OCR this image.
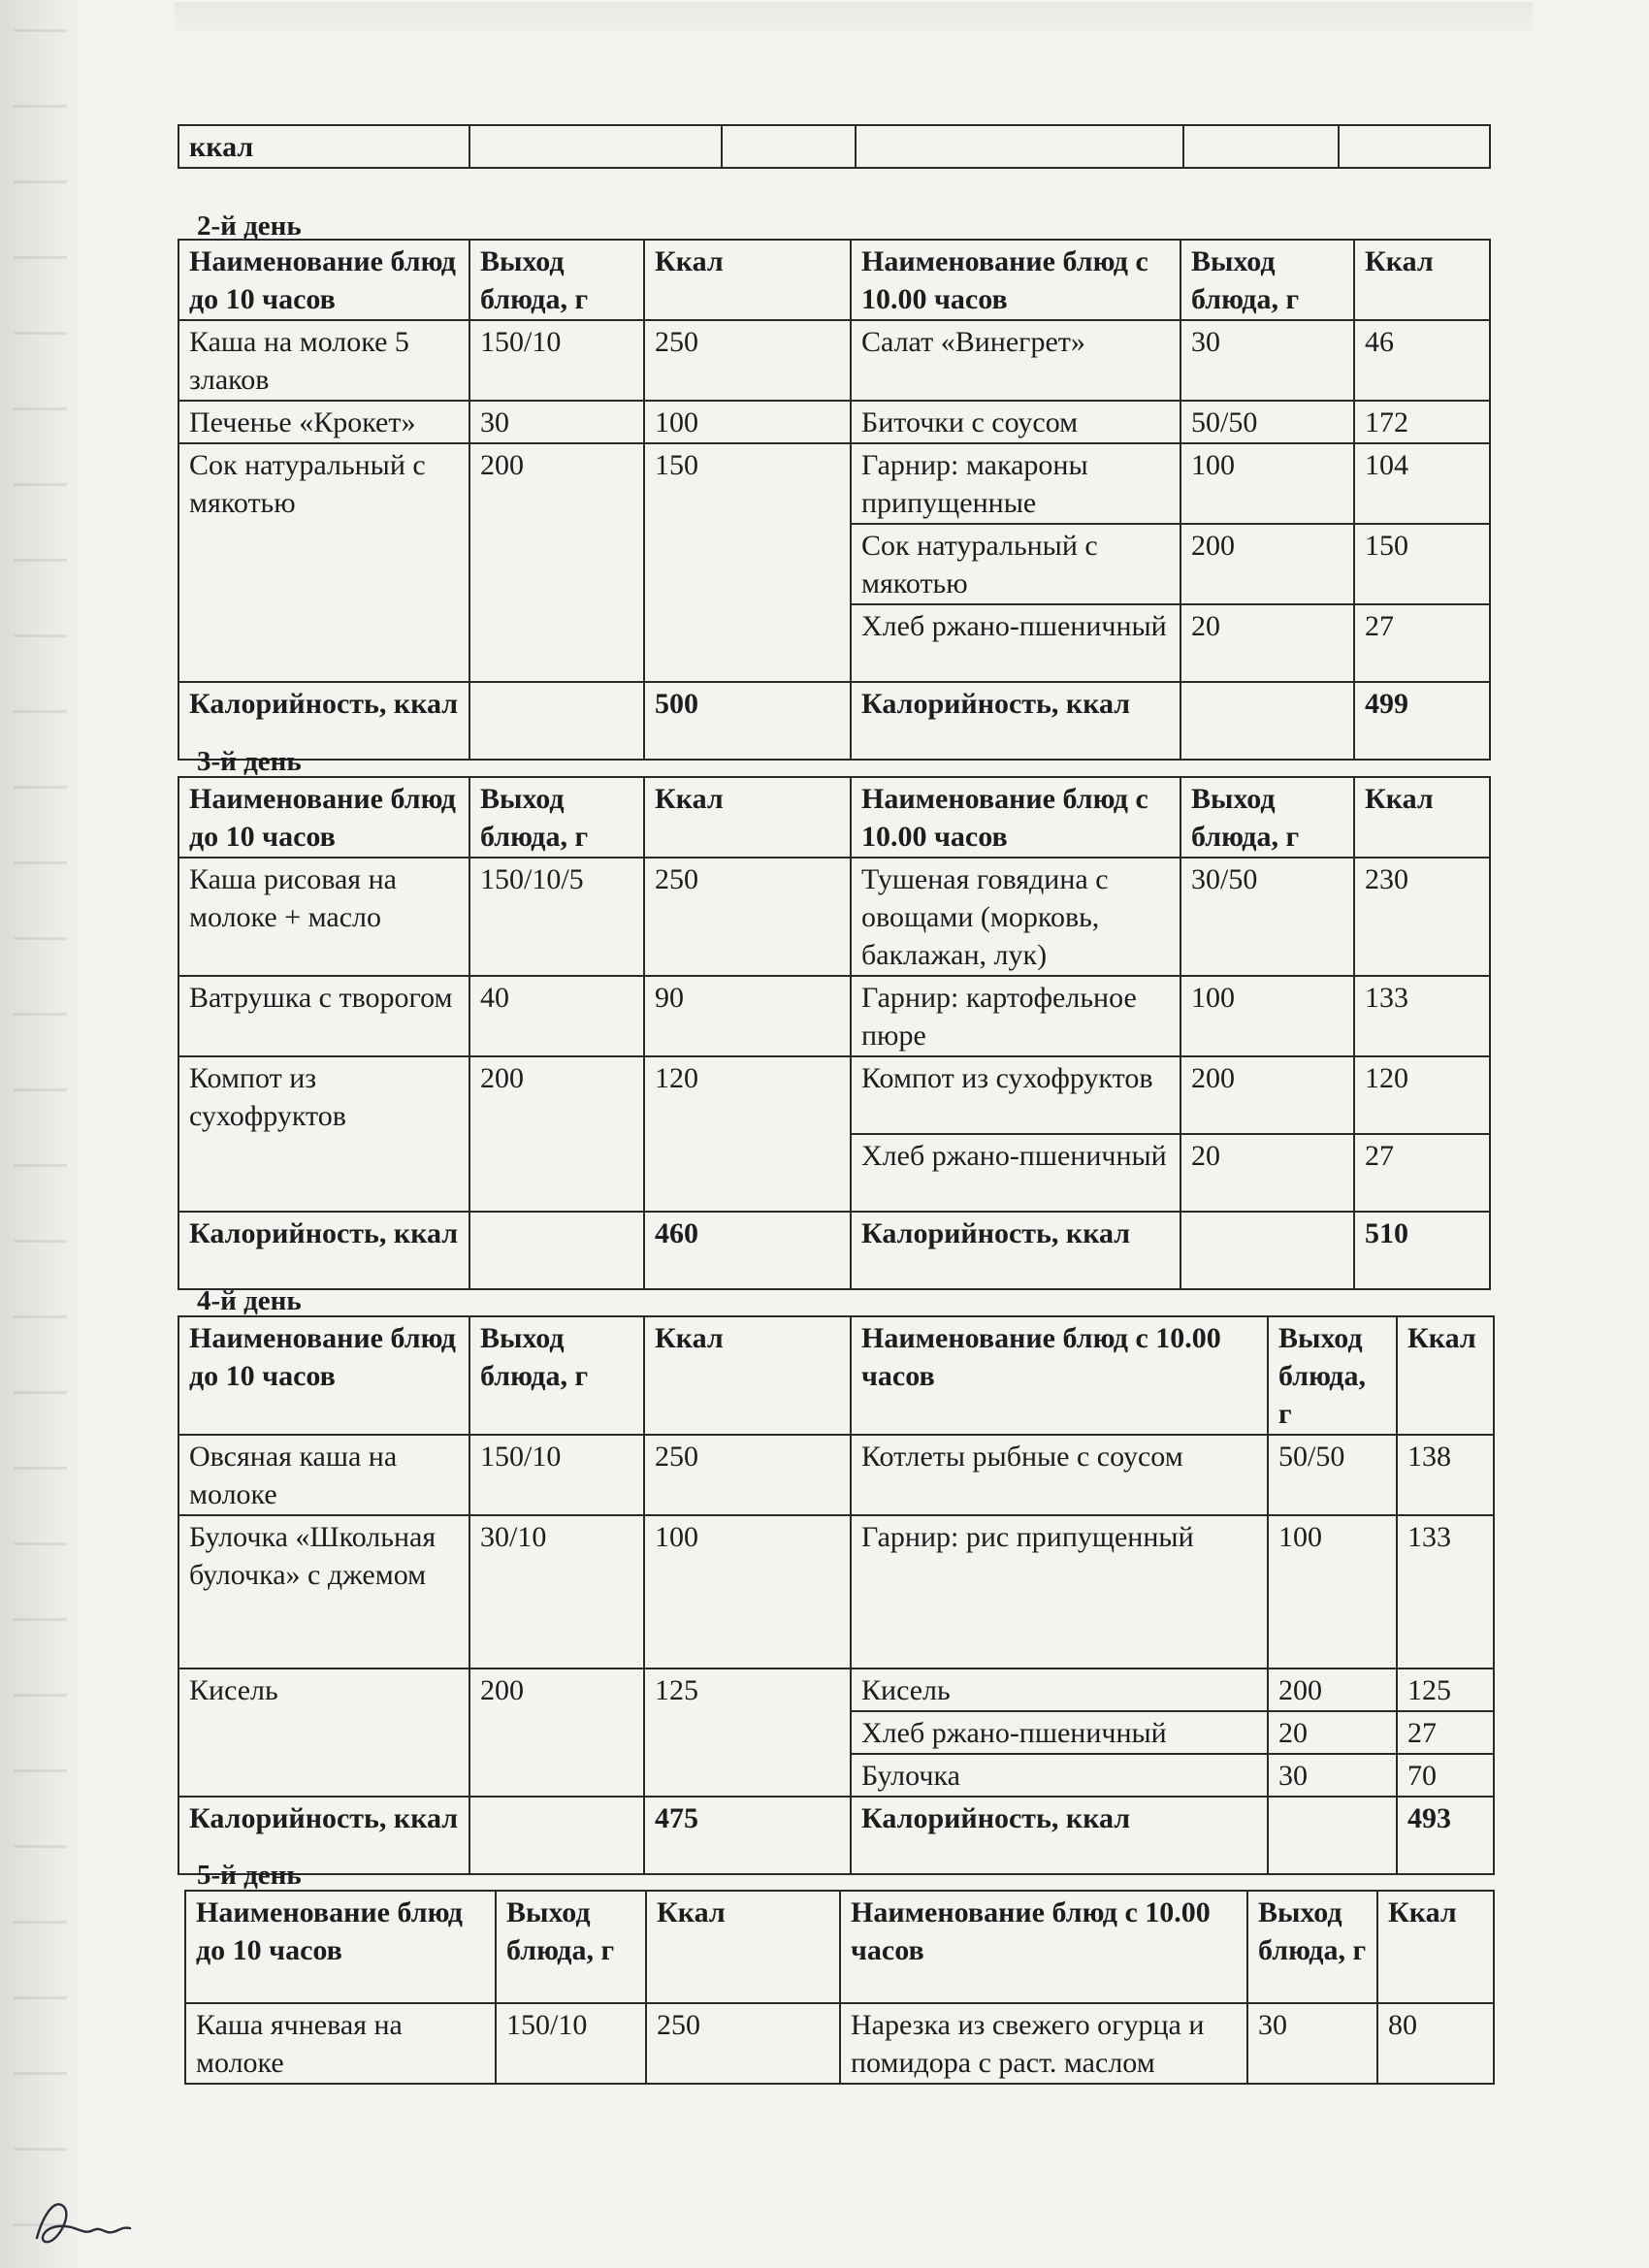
ккал					
2-й день
Наименование блюд до 10 часов	Выход блюда, г	Ккал	Наименование блюд с 10.00 часов	Выход блюда, г	Ккал
Каша на молоке 5 злаков	150/10	250	Салат «Винегрет»	30	46
Печенье «Крокет»	30	100	Биточки с соусом	50/50	172
Сок натуральный с мякотью	200	150	Гарнир: макароны припущенные	100	104
			Сок натуральный с мякотью	200	150
			Хлеб ржано-пшеничный	20	27
Калорийность, ккал		500	Калорийность, ккал		499
3-й день
Наименование блюд до 10 часов	Выход блюда, г	Ккал	Наименование блюд с 10.00 часов	Выход блюда, г	Ккал
Каша рисовая на молоке + масло	150/10/5	250	Тушеная говядина с овощами (морковь, баклажан, лук)	30/50	230
Ватрушка с творогом	40	90	Гарнир: картофельное пюре	100	133
Компот из сухофруктов	200	120	Компот из сухофруктов	200	120
			Хлеб ржано-пшеничный	20	27
Калорийность, ккал		460	Калорийность, ккал		510
4-й день
Наименование блюд до 10 часов	Выход блюда, г	Ккал	Наименование блюд с 10.00 часов	Выход блюда, г	Ккал
Овсяная каша на молоке	150/10	250	Котлеты рыбные с соусом	50/50	138
Булочка «Школьная булочка» с джемом	30/10	100	Гарнир: рис припущенный	100	133
Кисель	200	125	Кисель	200	125
			Хлеб ржано-пшеничный	20	27
			Булочка	30	70
Калорийность, ккал		475	Калорийность, ккал		493
5-й день
Наименование блюд до 10 часов	Выход блюда, г	Ккал	Наименование блюд с 10.00 часов	Выход блюда, г	Ккал
Каша ячневая на молоке	150/10	250	Нарезка из свежего огурца и помидора с раст. маслом	30	80
